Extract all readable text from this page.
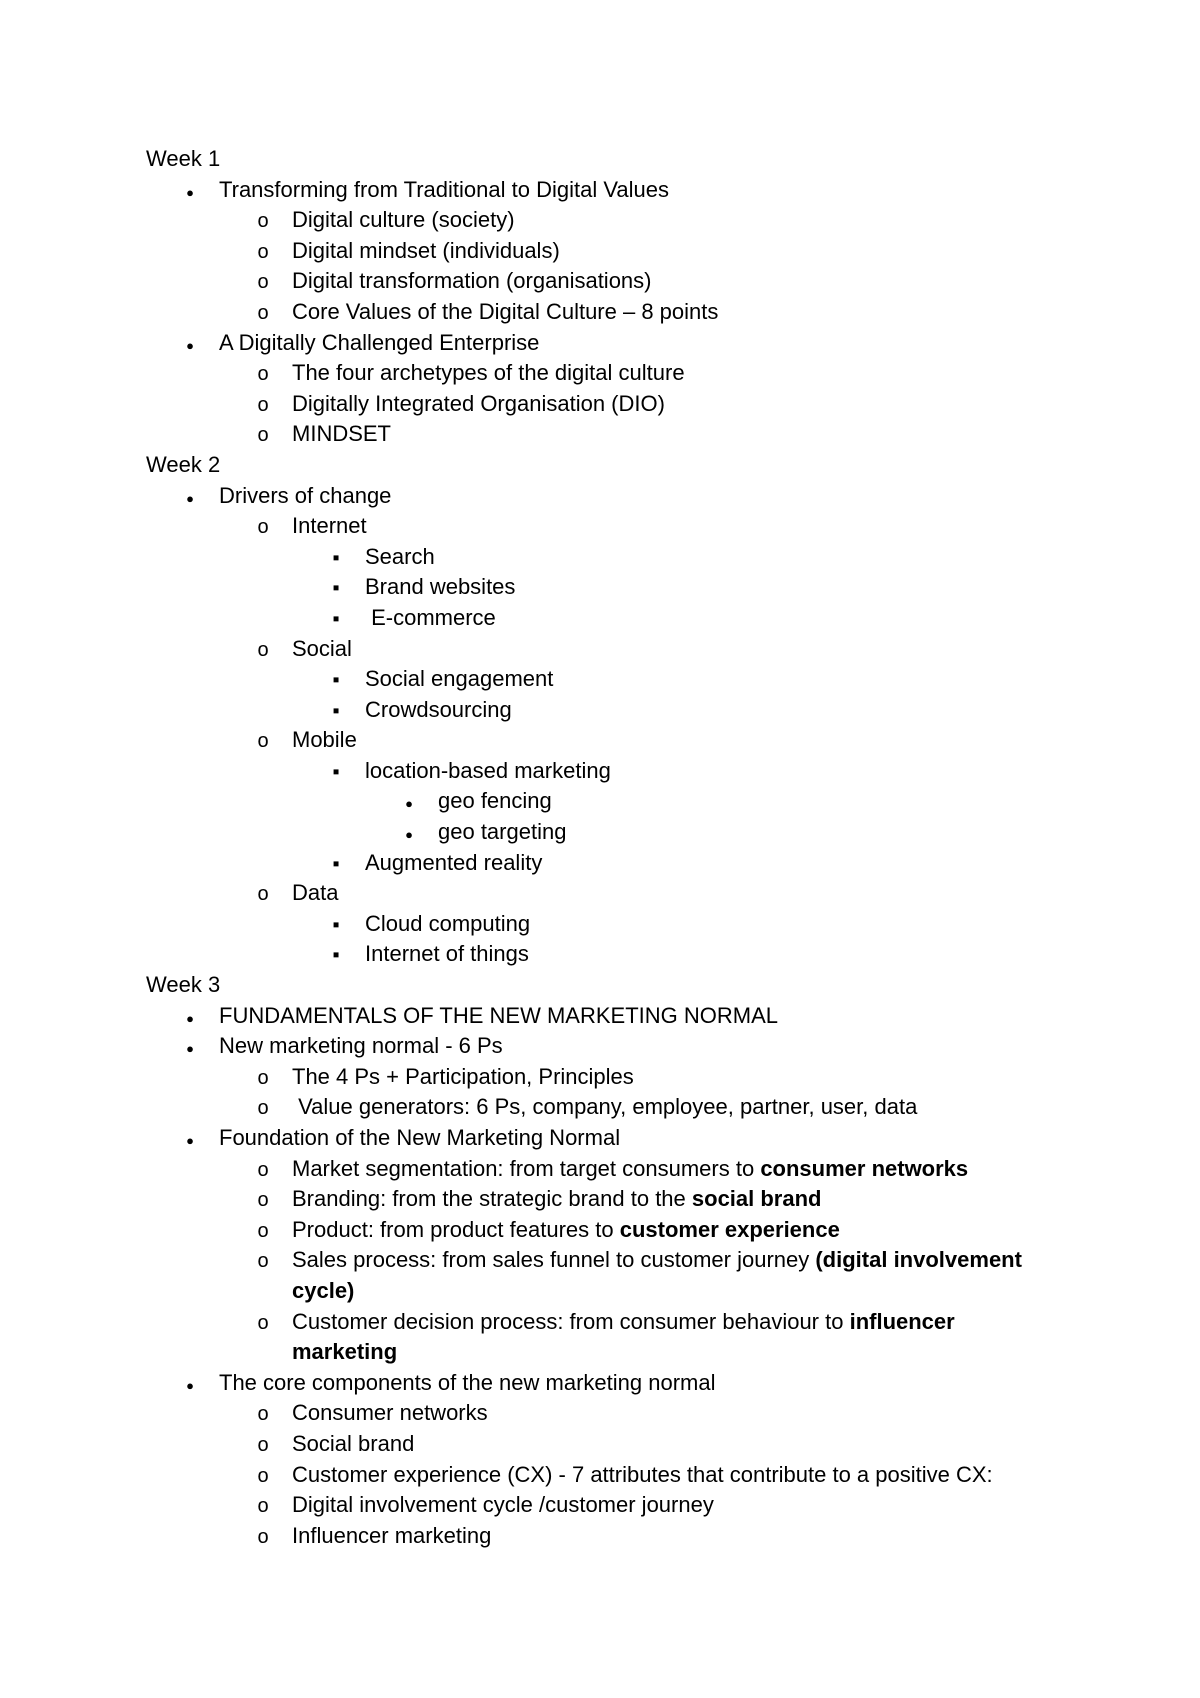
Week 1
●
Transforming from Traditional to Digital Values
o
Digital culture (society)
o
Digital mindset (individuals)
o
Digital transformation (organisations)
o
Core Values of the Digital Culture – 8 points
●
A Digitally Challenged Enterprise
o
The four archetypes of the digital culture
o
Digitally Integrated Organisation (DIO)
o
MINDSET
Week 2
●
Drivers of change
o
Internet
▪
Search
▪
Brand websites
▪
E-commerce
o
Social
▪
Social engagement
▪
Crowdsourcing
o
Mobile
▪
location-based marketing
●
geo fencing
●
geo targeting
▪
Augmented reality
o
Data
▪
Cloud computing
▪
Internet of things
Week 3
●
FUNDAMENTALS OF THE NEW MARKETING NORMAL
●
New marketing normal - 6 Ps
o
The 4 Ps + Participation, Principles
o
Value generators: 6 Ps, company, employee, partner, user, data
●
Foundation of the New Marketing Normal
o
Market segmentation: from target consumers to consumer networks
o
Branding: from the strategic brand to the social brand
o
Product: from product features to customer experience
o
Sales process: from sales funnel to customer journey (digital involvement cycle)
o
Customer decision process: from consumer behaviour to influencer marketing
●
The core components of the new marketing normal
o
Consumer networks
o
Social brand
o
Customer experience (CX) - 7 attributes that contribute to a positive CX:
o
Digital involvement cycle /customer journey
o
Influencer marketing
